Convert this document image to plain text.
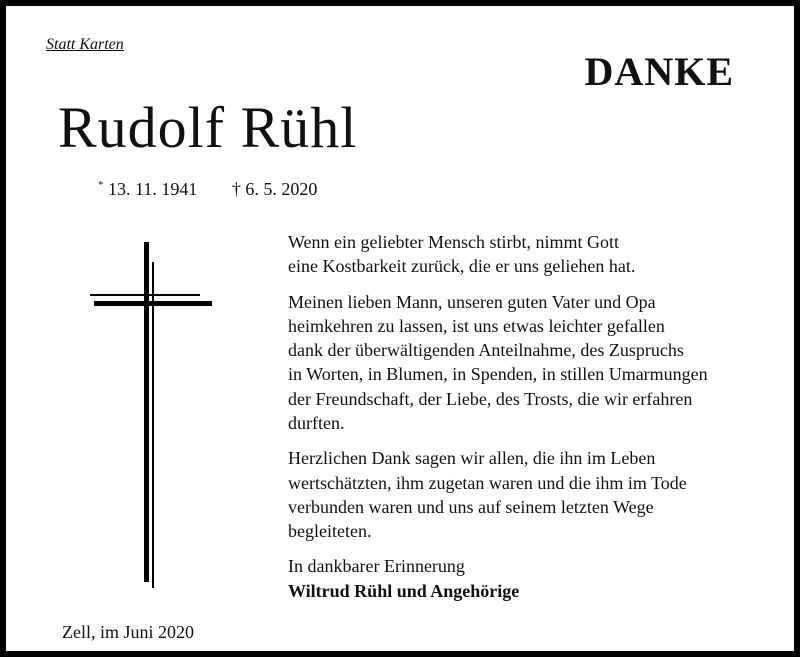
Statt Karten
DANKE
Rudolf Rühl
* 13. 11. 1941 † 6. 5. 2020

Wenn ein geliebter Mensch stirbt, nimmt Gott
eine Kostbarkeit zurück, die er uns geliehen hat.

Meinen lieben Mann, unseren guten Vater und Opa
heimkehren zu lassen, ist uns etwas leichter gefallen
dank der überwältigenden Anteilnahme, des Zuspruchs
in Worten, in Blumen, in Spenden, in stillen Umarmungen
der Freundschaft, der Liebe, des Trosts, die wir erfahren
durften.

Herzlichen Dank sagen wir allen, die ihn im Leben
wertschätzten, ihm zugetan waren und die ihm im Tode
verbunden waren und uns auf seinem letzten Wege
begleiteten.

In dankbarer Erinnerung
Wiltrud Rühl und Angehörige
Zell, im Juni 2020
